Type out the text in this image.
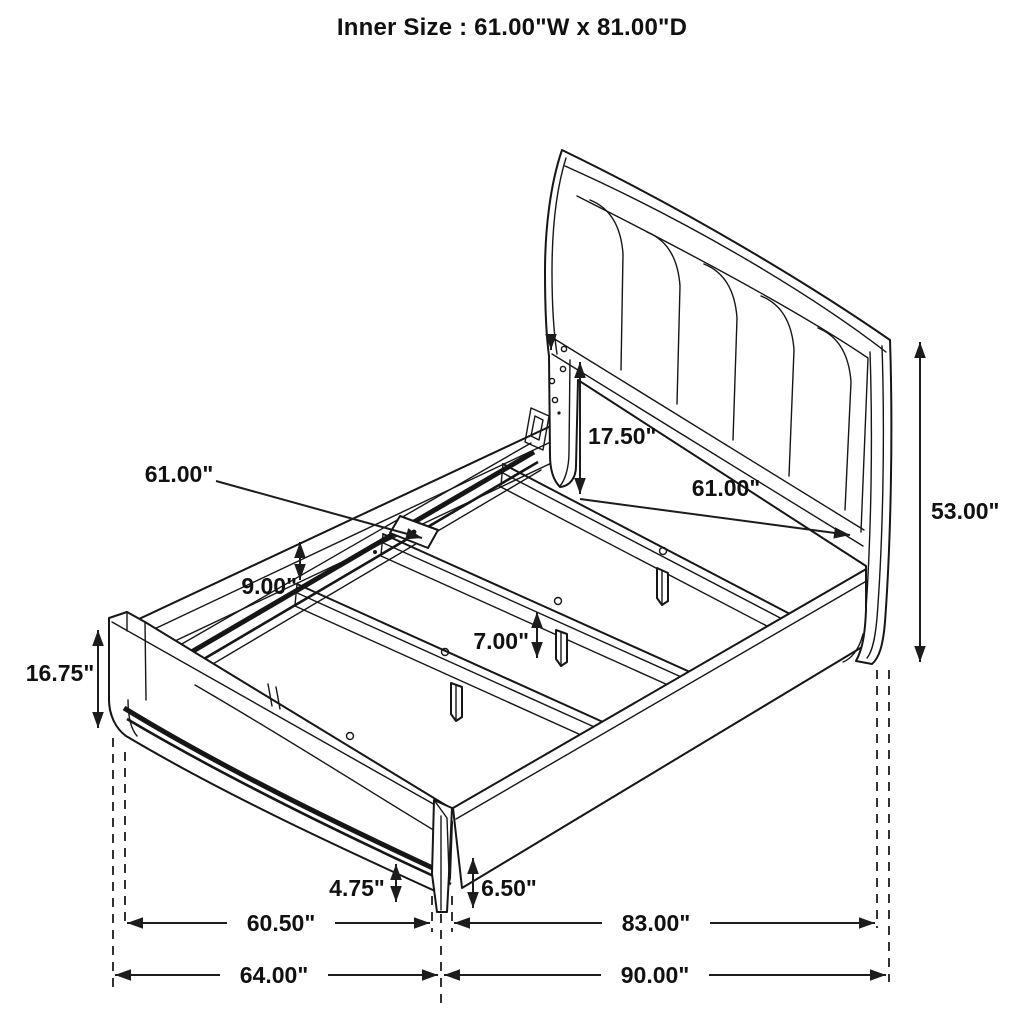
Inner Size : 61.00"W x 81.00"D
17.50"
61.00"
61.00"
9.00"
53.00"
7.00"
16.75"
4.75"	6.50"
60.50"	83.00"
64.00"	90.00"
